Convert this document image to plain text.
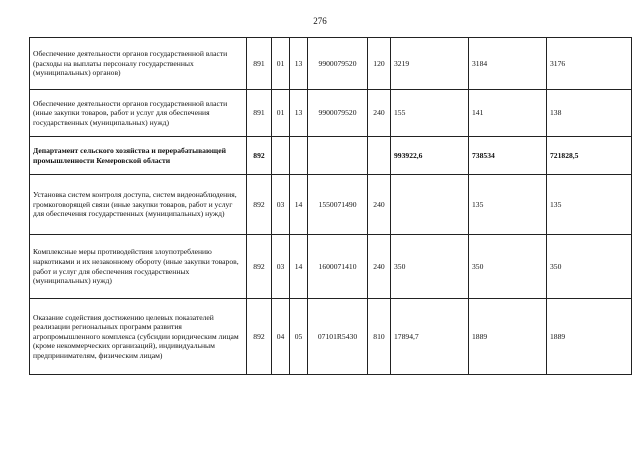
276
Обеспечение деятельности органов государственной власти (расходы на выплаты персоналу государственных (муниципальных) органов)	891	01	13	9900079520	120	3219	3184	3176
Обеспечение деятельности органов государственной власти (иные закупки товаров, работ и услуг для обеспечения государственных (муниципальных) нужд)	891	01	13	9900079520	240	155	141	138
Департамент сельского хозяйства и перерабатывающей промышленности Кемеровской области	892					993922,6	738534	721828,5
Установка систем контроля доступа, систем видеонаблюдения, громкоговорящей связи (иные закупки товаров, работ и услуг для обеспечения государственных (муниципальных) нужд)	892	03	14	1550071490	240		135	135
Комплексные меры противодействия злоупотреблению наркотиками и их незаконному обороту (иные закупки товаров, работ и услуг для обеспечения государственных (муниципальных) нужд)	892	03	14	1600071410	240	350	350	350
Оказание содействия достижению целевых показателей реализации региональных программ развития агропромышленного комплекса (субсидии юридическим лицам (кроме некоммерческих организаций), индивидуальным предпринимателям, физическим лицам)	892	04	05	07101R5430	810	17894,7	1889	1889
